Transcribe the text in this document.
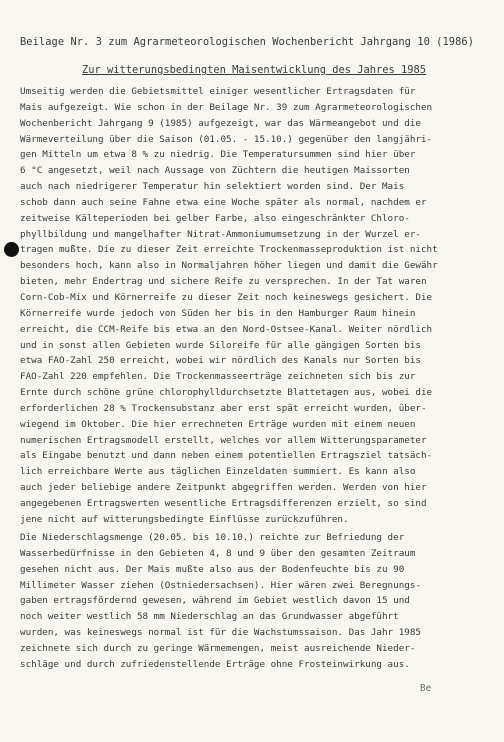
Beilage Nr. 3 zum Agrarmeteorologischen Wochenbericht Jahrgang 10 (1986)
Zur witterungsbedingten Maisentwicklung des Jahres 1985
Umseitig werden die Gebietsmittel einiger wesentlicher Ertragsdaten für
Mais aufgezeigt. Wie schon in der Beilage Nr. 39 zum Agrarmeteorologischen
Wochenbericht Jahrgang 9 (1985) aufgezeigt, war das Wärmeangebot und die
Wärmeverteilung über die Saison (01.05. - 15.10.) gegenüber den langjähri-
gen Mitteln um etwa 8 % zu niedrig. Die Temperatursummen sind hier über
6 °C angesetzt, weil nach Aussage von Züchtern die heutigen Maissorten
auch nach niedrigerer Temperatur hin selektiert worden sind. Der Mais
schob dann auch seine Fahne etwa eine Woche später als normal, nachdem er
zeitweise Kälteperioden bei gelber Farbe, also eingeschränkter Chloro-
phyllbildung und mangelhafter Nitrat-Ammoniumumsetzung in der Wurzel er-
tragen mußte. Die zu dieser Zeit erreichte Trockenmasseproduktion ist nicht
besonders hoch, kann also in Normaljahren höher liegen und damit die Gewähr
bieten, mehr Endertrag und sichere Reife zu versprechen. In der Tat waren
Corn-Cob-Mix und Körnerreife zu dieser Zeit noch keineswegs gesichert. Die
Körnerreife wurde jedoch von Süden her bis in den Hamburger Raum hinein
erreicht, die CCM-Reife bis etwa an den Nord-Ostsee-Kanal. Weiter nördlich
und in sonst allen Gebieten wurde Siloreife für alle gängigen Sorten bis
etwa FAO-Zahl 250 erreicht, wobei wir nördlich des Kanals nur Sorten bis
FAO-Zahl 220 empfehlen. Die Trockenmasseerträge zeichneten sich bis zur
Ernte durch schöne grüne chlorophylldurchsetzte Blattetagen aus, wobei die
erforderlichen 28 % Trockensubstanz aber erst spät erreicht wurden, über-
wiegend im Oktober. Die hier errechneten Erträge wurden mit einem neuen
numerischen Ertragsmodell erstellt, welches vor allem Witterungsparameter
als Eingabe benutzt und dann neben einem potentiellen Ertragsziel tatsäch-
lich erreichbare Werte aus täglichen Einzeldaten summiert. Es kann also
auch jeder beliebige andere Zeitpunkt abgegriffen werden. Werden von hier
angegebenen Ertragswerten wesentliche Ertragsdifferenzen erzielt, so sind
jene nicht auf witterungsbedingte Einflüsse zurückzuführen.
Die Niederschlagsmenge (20.05. bis 10.10.) reichte zur Befriedung der
Wasserbedürfnisse in den Gebieten 4, 8 und 9 über den gesamten Zeitraum
gesehen nicht aus. Der Mais mußte also aus der Bodenfeuchte bis zu 90
Millimeter Wasser ziehen (Ostniedersachsen). Hier wären zwei Beregnungs-
gaben ertragsfördernd gewesen, während im Gebiet westlich davon 15 und
noch weiter westlich 58 mm Niederschlag an das Grundwasser abgeführt
wurden, was keineswegs normal ist für die Wachstumssaison. Das Jahr 1985
zeichnete sich durch zu geringe Wärmemengen, meist ausreichende Nieder-
schläge und durch zufriedenstellende Erträge ohne Frosteinwirkung aus.
Be
